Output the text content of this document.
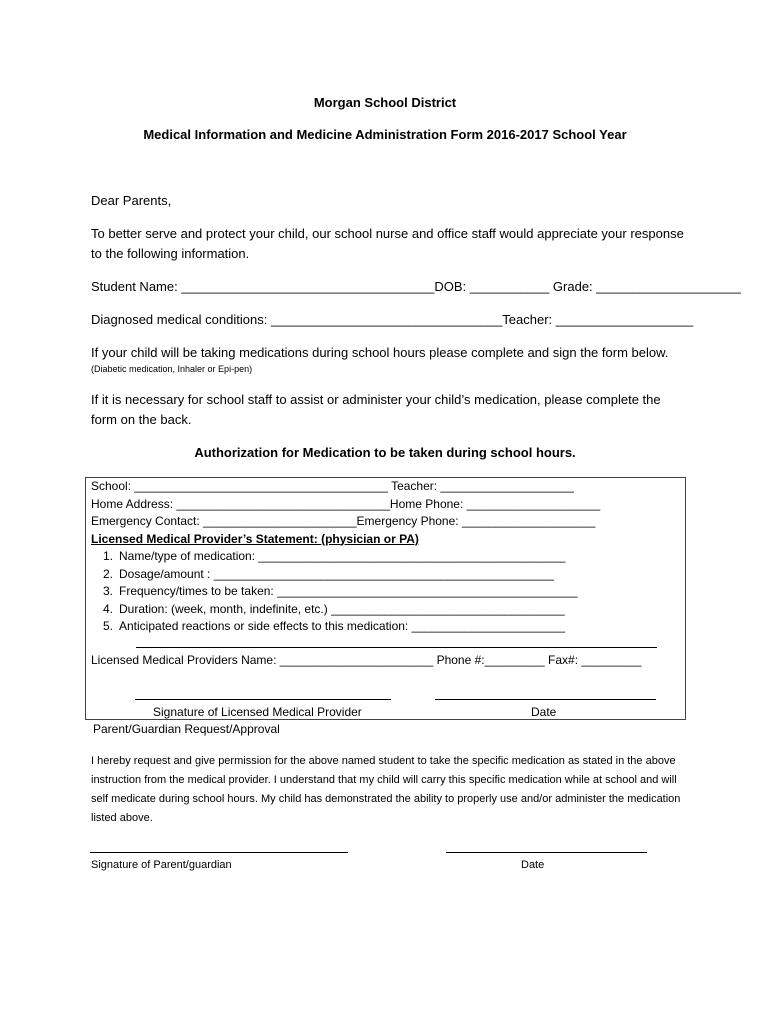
Morgan School District
Medical Information and Medicine Administration Form 2016-2017 School Year
Dear Parents,
To better serve and protect your child, our school nurse and office staff would appreciate your response to the following information.
Student Name: ___________________________________DOB: ___________ Grade: ____________________
Diagnosed medical conditions: ________________________________Teacher: ___________________
If your child will be taking medications during school hours please complete and sign the form below.
(Diabetic medication, Inhaler or Epi-pen)
If it is necessary for school staff to assist or administer your child’s medication, please complete the form on the back.
Authorization for Medication to be taken during school hours.
School: ______________________________________ Teacher: ____________________
Home Address: ________________________________Home Phone: ____________________
Emergency Contact: _______________________Emergency Phone: ____________________
Licensed Medical Provider’s Statement: (physician or PA)
1. Name/type of medication: ______________________________________________
2. Dosage/amount : ___________________________________________________
3. Frequency/times to be taken: _____________________________________________
4. Duration: (week, month, indefinite, etc.) ___________________________________
5. Anticipated reactions or side effects to this medication: _______________________
Licensed Medical Providers Name: _______________________ Phone #:_________ Fax#: _________
Signature of Licensed Medical Provider	Date
Parent/Guardian Request/Approval
I hereby request and give permission for the above named student to take the specific medication as stated in the above instruction from the medical provider. I understand that my child will carry this specific medication while at school and will self medicate during school hours. My child has demonstrated the ability to properly use and/or administer the medication listed above.
Signature of Parent/guardian	Date
